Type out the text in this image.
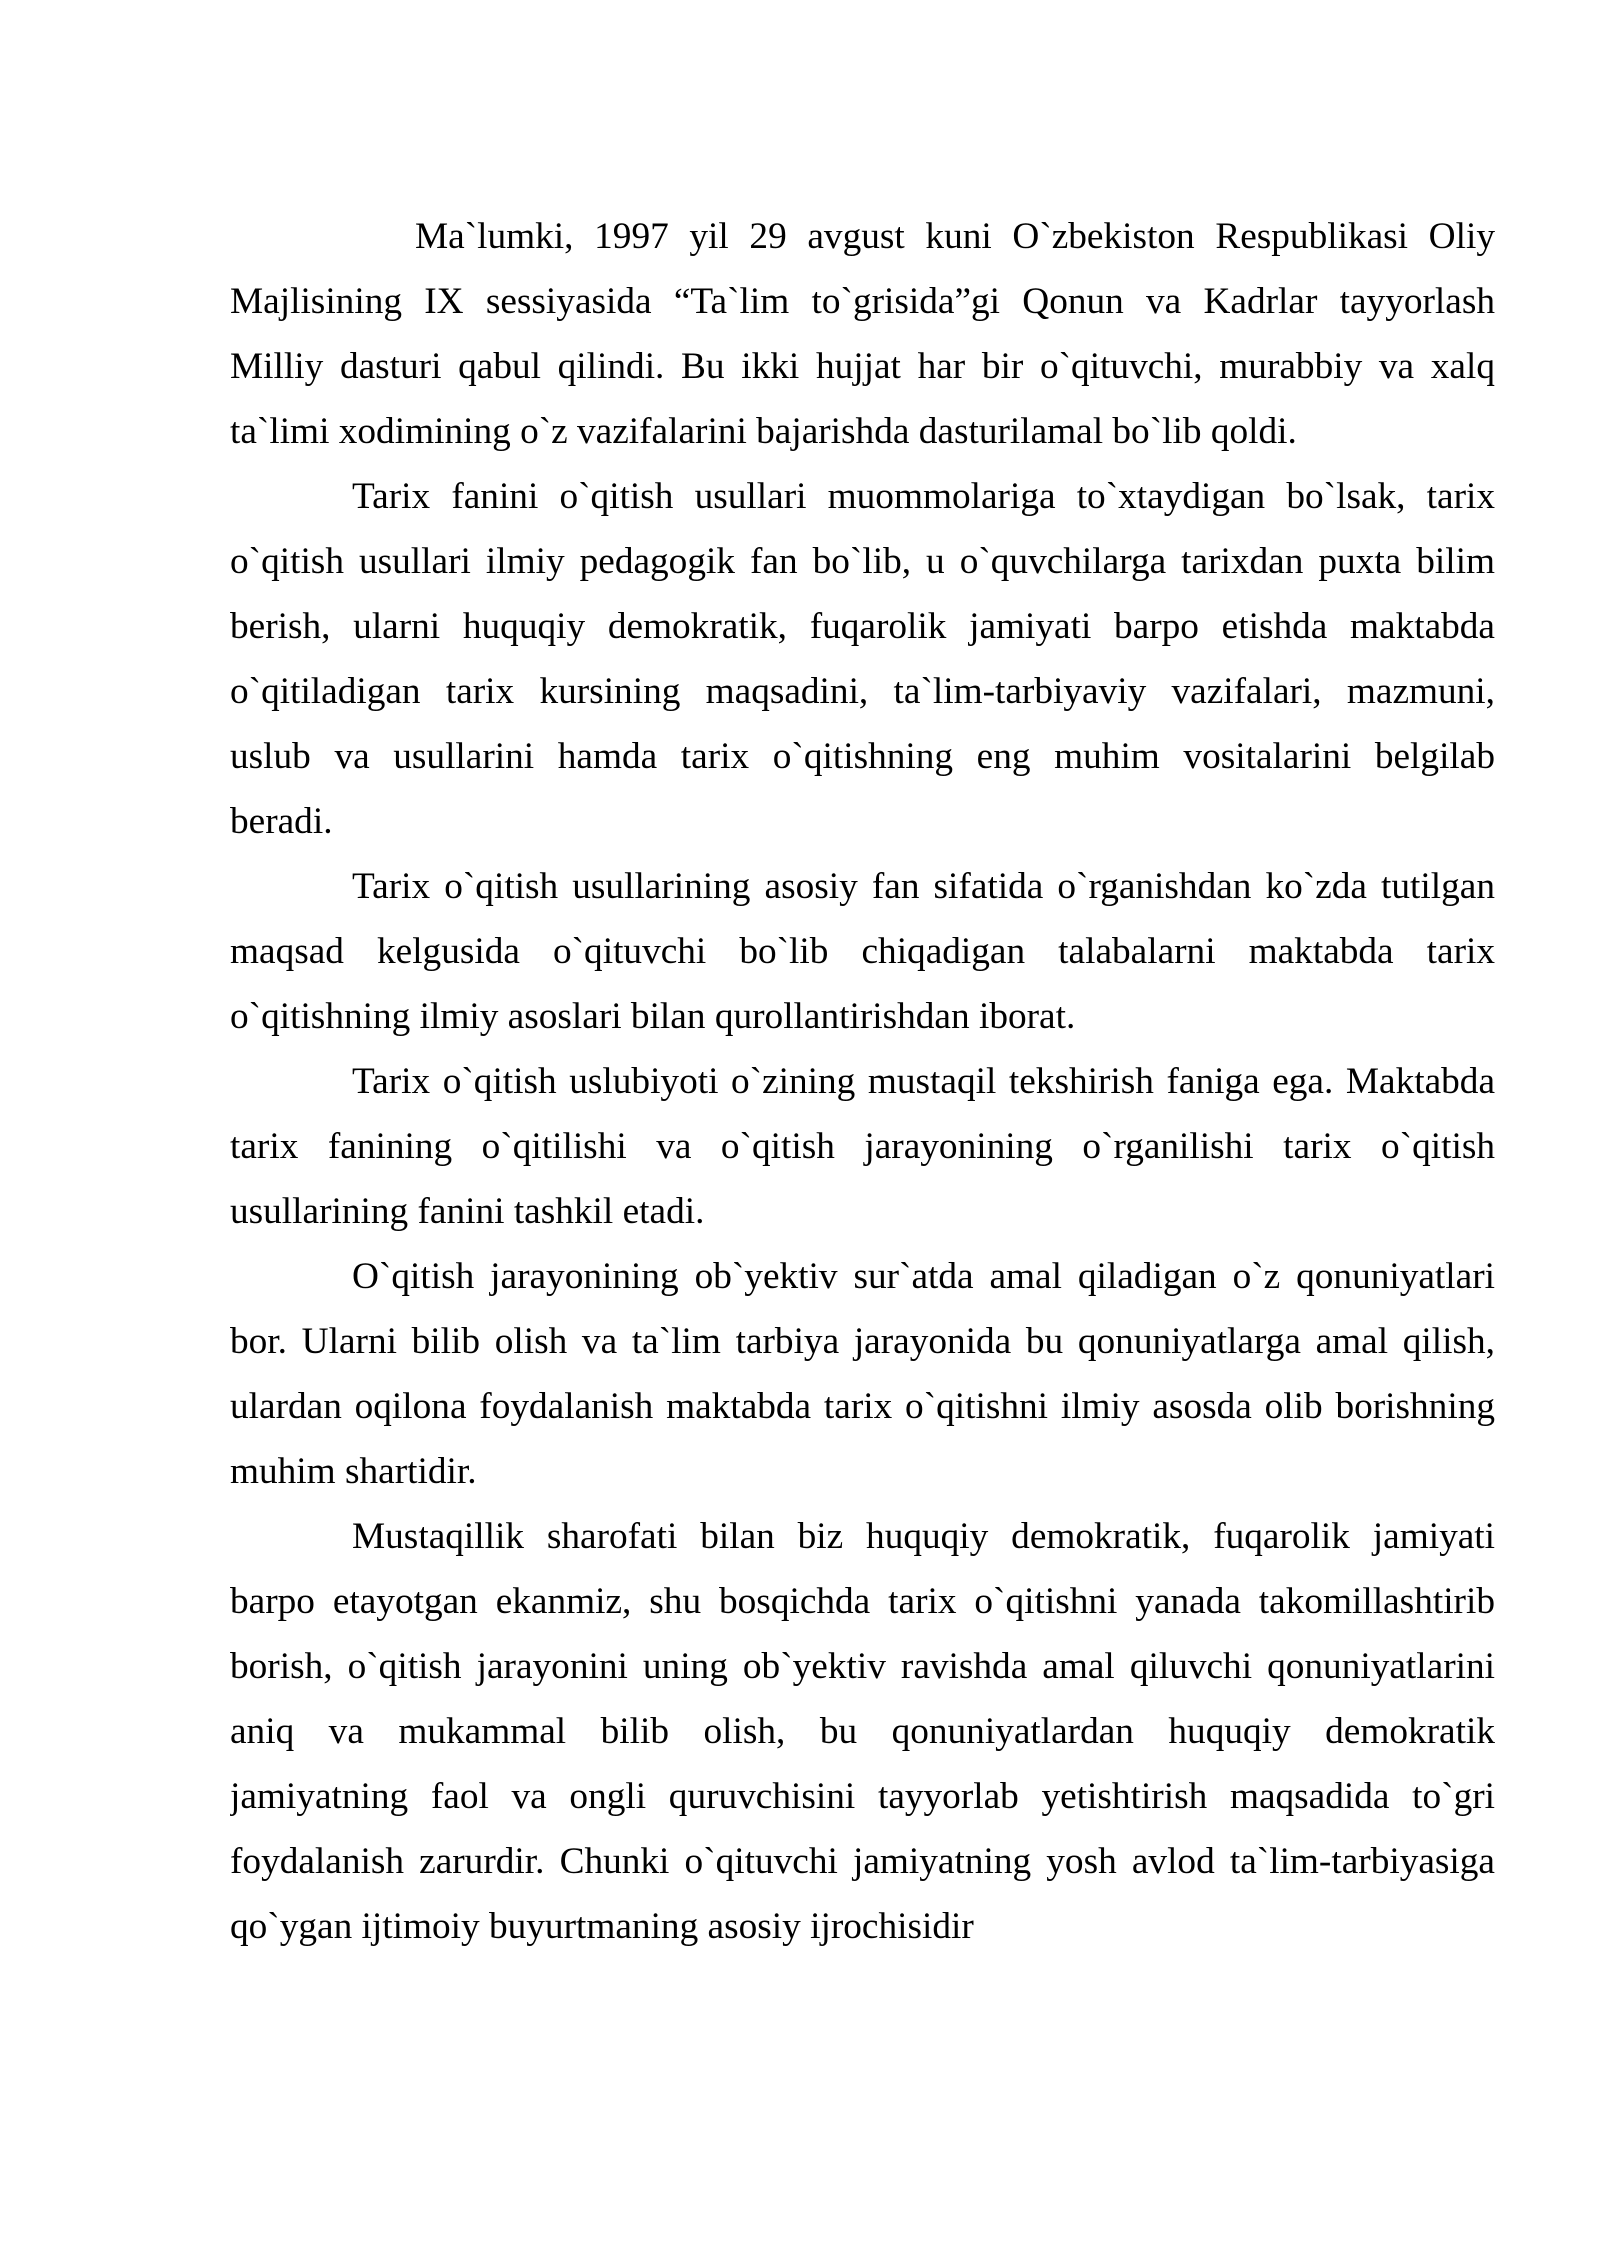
Ma`lumki, 1997 yil 29 avgust kuni O`zbekiston Respublikasi Oliy
Majlisining IX sessiyasida “Ta`lim to`grisida”gi Qonun va Kadrlar tayyorlash
Milliy dasturi qabul qilindi. Bu ikki hujjat har bir o`qituvchi, murabbiy va xalq
ta`limi xodimining o`z vazifalarini bajarishda dasturilamal bo`lib qoldi.
Tarix fanini o`qitish usullari muommolariga to`xtaydigan bo`lsak, tarix
o`qitish usullari ilmiy pedagogik fan bo`lib, u o`quvchilarga tarixdan puxta bilim
berish, ularni huquqiy demokratik, fuqarolik jamiyati barpo etishda maktabda
o`qitiladigan tarix kursining maqsadini, ta`lim-tarbiyaviy vazifalari, mazmuni,
uslub va usullarini hamda tarix o`qitishning eng muhim vositalarini belgilab
beradi.
Tarix o`qitish usullarining asosiy fan sifatida o`rganishdan ko`zda tutilgan
maqsad kelgusida o`qituvchi bo`lib chiqadigan talabalarni maktabda tarix
o`qitishning ilmiy asoslari bilan qurollantirishdan iborat.
Tarix o`qitish uslubiyoti o`zining mustaqil tekshirish faniga ega. Maktabda
tarix fanining o`qitilishi va o`qitish jarayonining o`rganilishi tarix o`qitish
usullarining fanini tashkil etadi.
O`qitish jarayonining ob`yektiv sur`atda amal qiladigan o`z qonuniyatlari
bor. Ularni bilib olish va ta`lim tarbiya jarayonida bu qonuniyatlarga amal qilish,
ulardan oqilona foydalanish maktabda tarix o`qitishni ilmiy asosda olib borishning
muhim shartidir.
Mustaqillik sharofati bilan biz huquqiy demokratik, fuqarolik jamiyati
barpo etayotgan ekanmiz, shu bosqichda tarix o`qitishni yanada takomillashtirib
borish, o`qitish jarayonini uning ob`yektiv ravishda amal qiluvchi qonuniyatlarini
aniq va mukammal bilib olish, bu qonuniyatlardan huquqiy demokratik
jamiyatning faol va ongli quruvchisini tayyorlab yetishtirish maqsadida to`gri
foydalanish zarurdir. Chunki o`qituvchi jamiyatning yosh avlod ta`lim-tarbiyasiga
qo`ygan ijtimoiy buyurtmaning asosiy ijrochisidir
